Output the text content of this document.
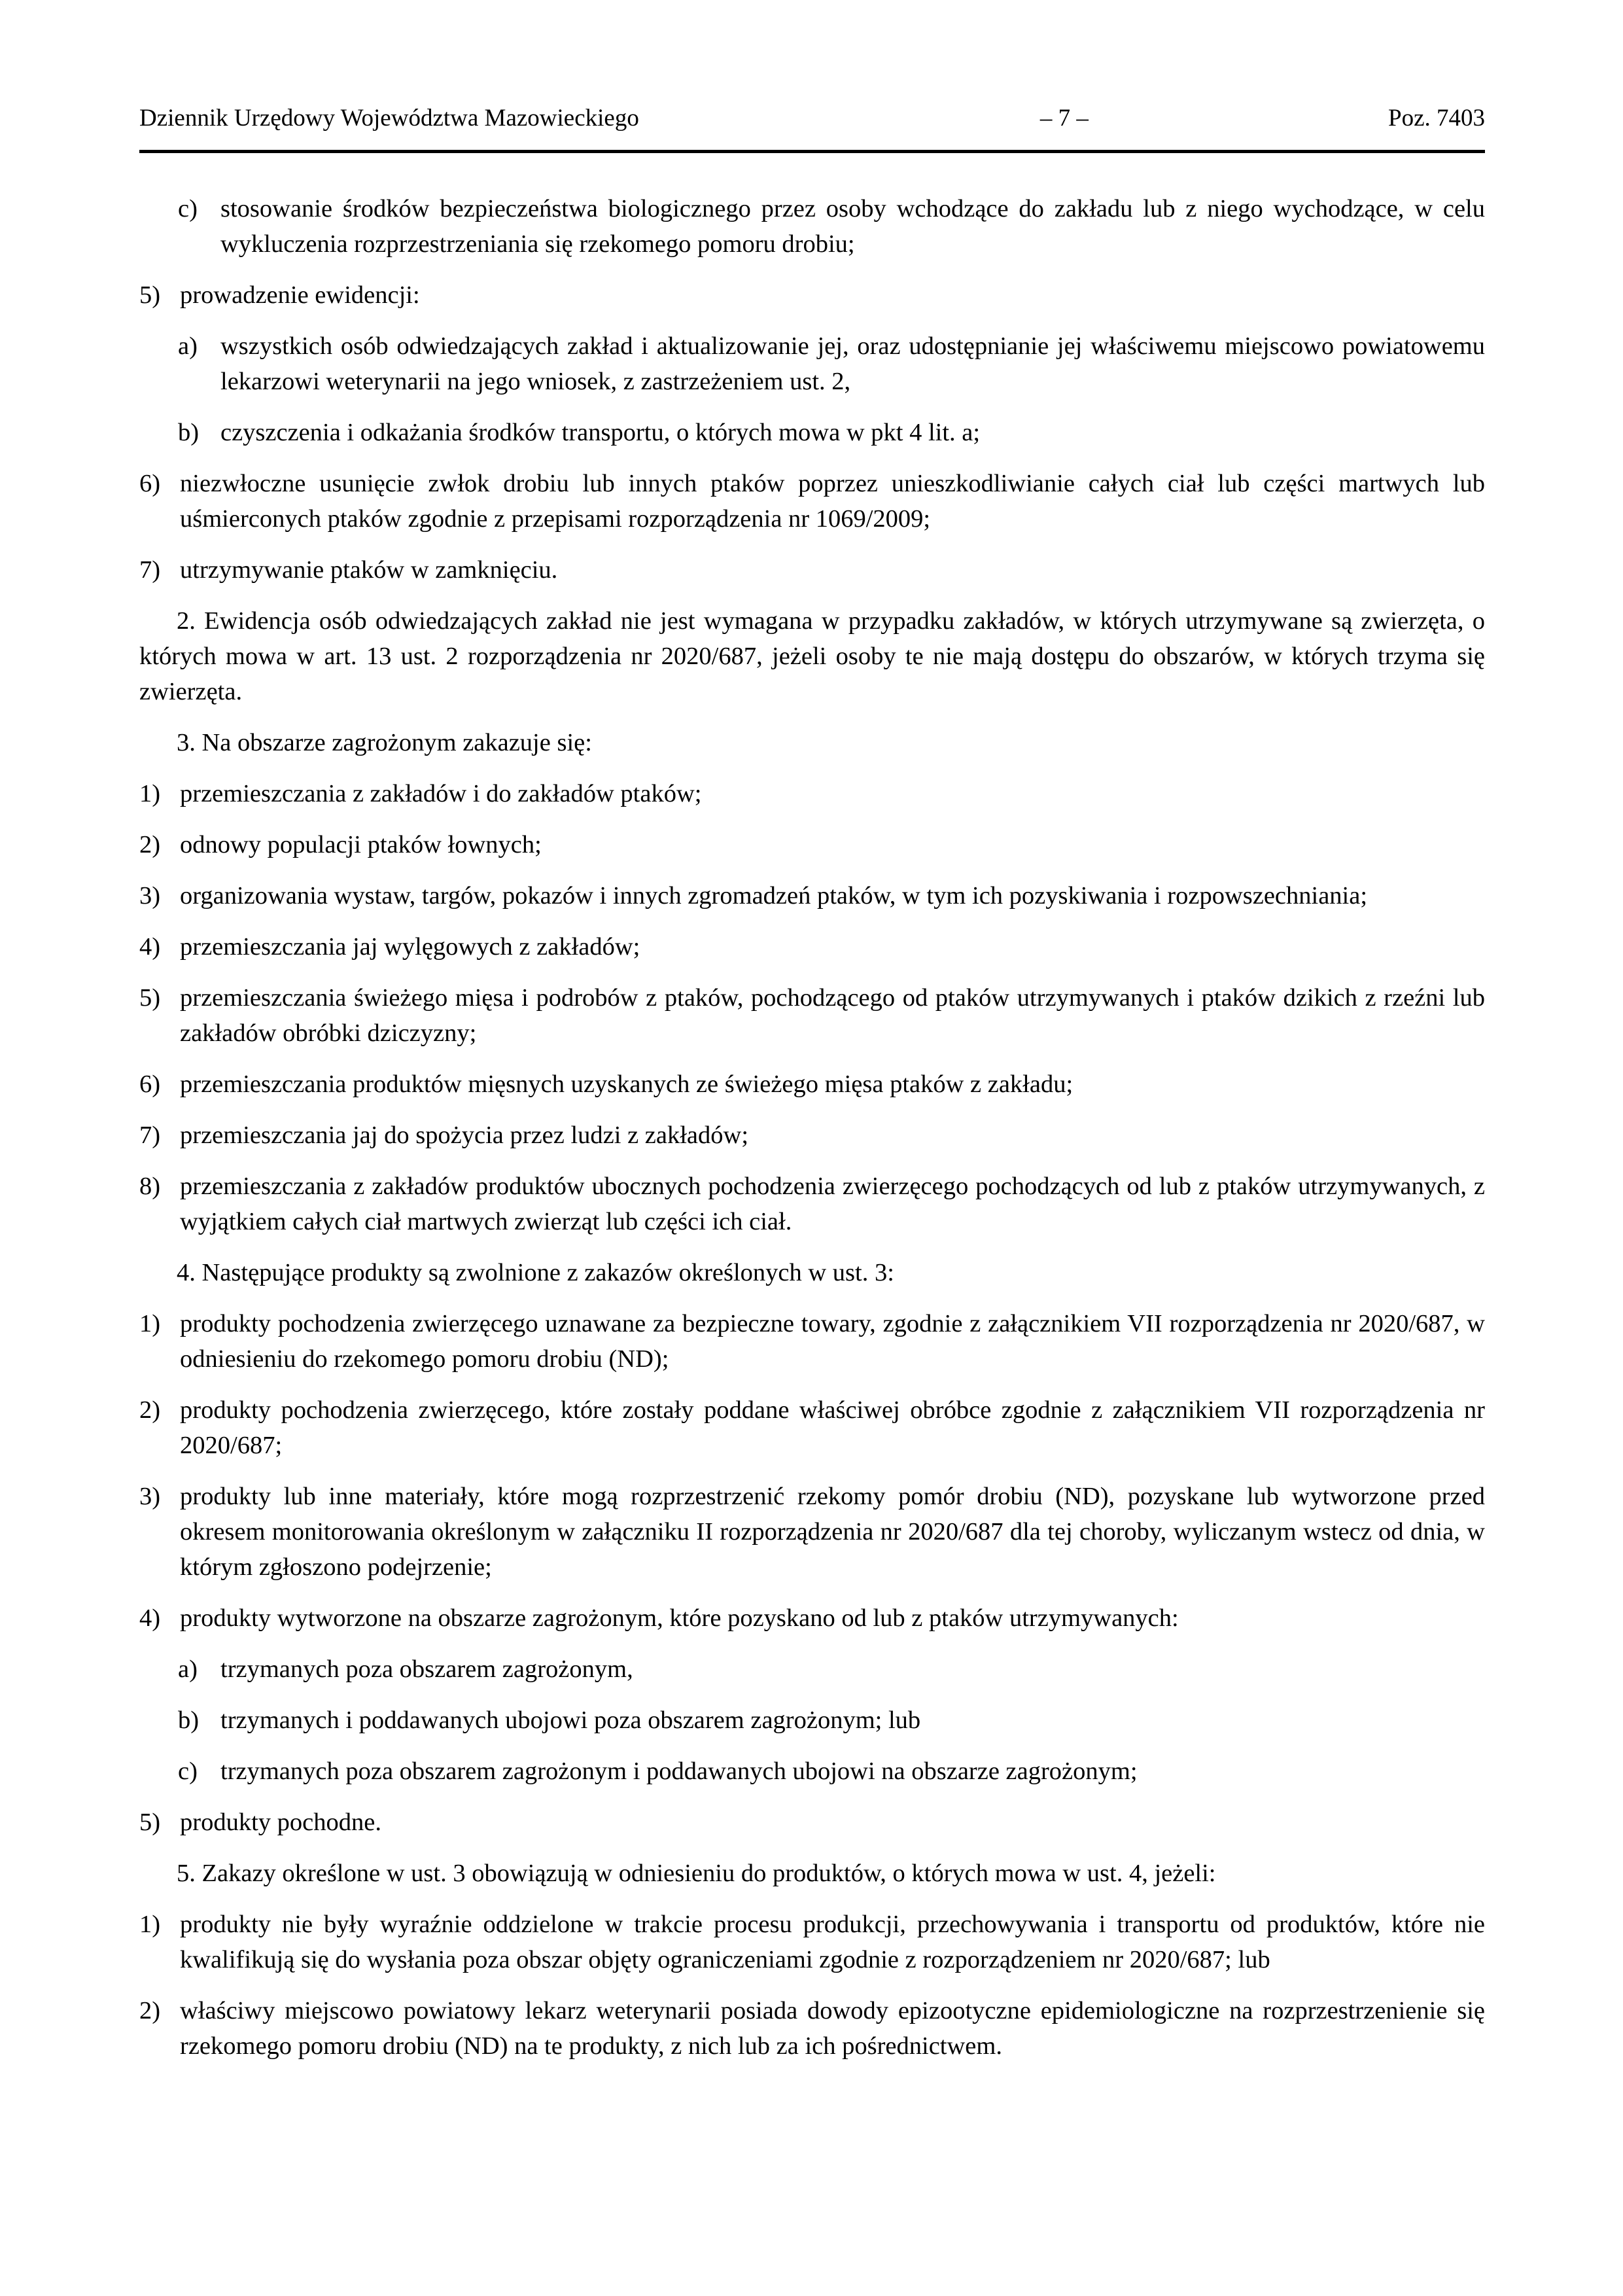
Dziennik Urzędowy Województwa Mazowieckiego	– 7 –	Poz. 7403
c) stosowanie środków bezpieczeństwa biologicznego przez osoby wchodzące do zakładu lub z niego wychodzące, w celu wykluczenia rozprzestrzeniania się rzekomego pomoru drobiu;
5) prowadzenie ewidencji:
a) wszystkich osób odwiedzających zakład i aktualizowanie jej, oraz udostępnianie jej właściwemu miejscowo powiatowemu lekarzowi weterynarii na jego wniosek, z zastrzeżeniem ust. 2,
b) czyszczenia i odkażania środków transportu, o których mowa w pkt 4 lit. a;
6) niezwłoczne usunięcie zwłok drobiu lub innych ptaków poprzez unieszkodliwianie całych ciał lub części martwych lub uśmierconych ptaków zgodnie z przepisami rozporządzenia nr 1069/2009;
7) utrzymywanie ptaków w zamknięciu.

2. Ewidencja osób odwiedzających zakład nie jest wymagana w przypadku zakładów, w których utrzymywane są zwierzęta, o których mowa w art. 13 ust. 2 rozporządzenia nr 2020/687, jeżeli osoby te nie mają dostępu do obszarów, w których trzyma się zwierzęta.

3. Na obszarze zagrożonym zakazuje się:

1) przemieszczania z zakładów i do zakładów ptaków;
2) odnowy populacji ptaków łownych;
3) organizowania wystaw, targów, pokazów i innych zgromadzeń ptaków, w tym ich pozyskiwania i rozpowszechniania;
4) przemieszczania jaj wylęgowych z zakładów;
5) przemieszczania świeżego mięsa i podrobów z ptaków, pochodzącego od ptaków utrzymywanych i ptaków dzikich z rzeźni lub zakładów obróbki dziczyzny;
6) przemieszczania produktów mięsnych uzyskanych ze świeżego mięsa ptaków z zakładu;
7) przemieszczania jaj do spożycia przez ludzi z zakładów;
8) przemieszczania z zakładów produktów ubocznych pochodzenia zwierzęcego pochodzących od lub z ptaków utrzymywanych, z wyjątkiem całych ciał martwych zwierząt lub części ich ciał.

4. Następujące produkty są zwolnione z zakazów określonych w ust. 3:

1) produkty pochodzenia zwierzęcego uznawane za bezpieczne towary, zgodnie z załącznikiem VII rozporządzenia nr 2020/687, w odniesieniu do rzekomego pomoru drobiu (ND);
2) produkty pochodzenia zwierzęcego, które zostały poddane właściwej obróbce zgodnie z załącznikiem VII rozporządzenia nr 2020/687;
3) produkty lub inne materiały, które mogą rozprzestrzenić rzekomy pomór drobiu (ND), pozyskane lub wytworzone przed okresem monitorowania określonym w załączniku II rozporządzenia nr 2020/687 dla tej choroby, wyliczanym wstecz od dnia, w którym zgłoszono podejrzenie;
4) produkty wytworzone na obszarze zagrożonym, które pozyskano od lub z ptaków utrzymywanych:
a) trzymanych poza obszarem zagrożonym,
b) trzymanych i poddawanych ubojowi poza obszarem zagrożonym; lub
c) trzymanych poza obszarem zagrożonym i poddawanych ubojowi na obszarze zagrożonym;
5) produkty pochodne.

5. Zakazy określone w ust. 3 obowiązują w odniesieniu do produktów, o których mowa w ust. 4, jeżeli:

1) produkty nie były wyraźnie oddzielone w trakcie procesu produkcji, przechowywania i transportu od produktów, które nie kwalifikują się do wysłania poza obszar objęty ograniczeniami zgodnie z rozporządzeniem nr 2020/687; lub
2) właściwy miejscowo powiatowy lekarz weterynarii posiada dowody epizootyczne epidemiologiczne na rozprzestrzenienie się rzekomego pomoru drobiu (ND) na te produkty, z nich lub za ich pośrednictwem.
